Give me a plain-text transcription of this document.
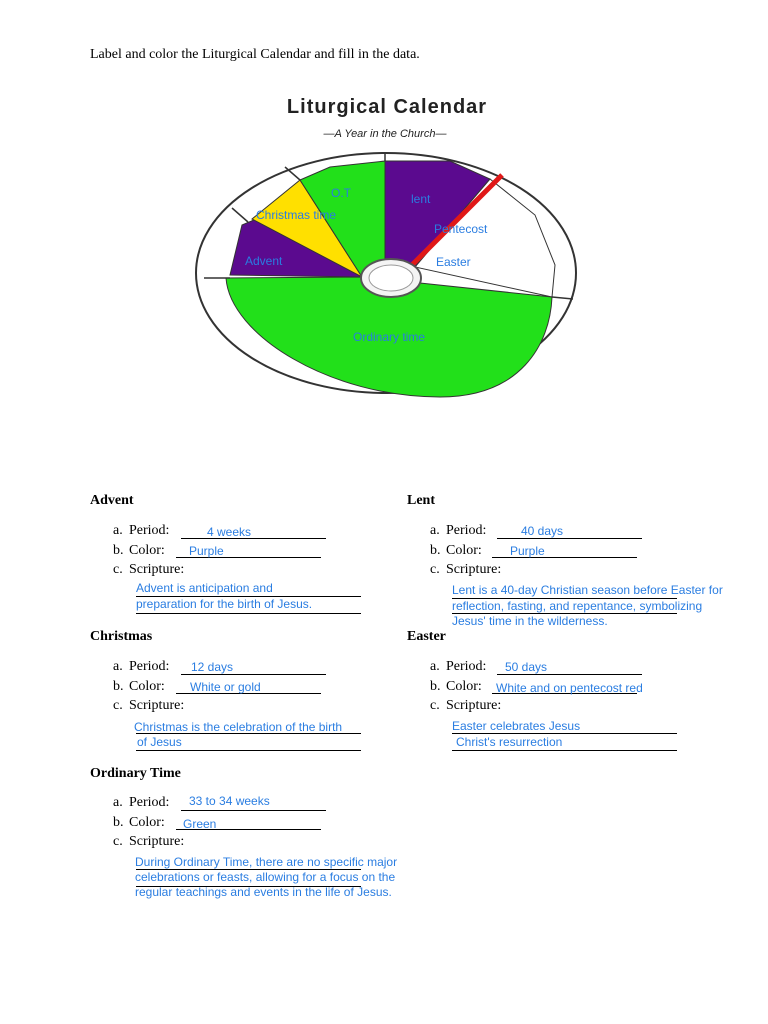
Label and color the Liturgical Calendar and fill in the data.
Liturgical Calendar
—A Year in the Church—
O.T	lent
Christmas time
Pentecost
Advent	Easter
Ordinary time
Advent
a. Period:	4 weeks
b. Color: Purple
c. Scripture:
Advent is anticipation and
preparation for the birth of Jesus.
Lent
a. Period:	40 days
b. Color: Purple
c. Scripture:
Lent is a 40-day Christian season before Easter for
reflection, fasting, and repentance, symbolizing
Jesus' time in the wilderness.
Christmas
a. Period: 12 days
b. Color: White or gold
c. Scripture:
Christmas is the celebration of the birth
of Jesus
Easter
a. Period: 50 days
b. Color: White and on pentecost red
c. Scripture:
Easter celebrates Jesus
Christ's resurrection
Ordinary Time
a. Period: 33 to 34 weeks
b. Color: Green
c. Scripture:
During Ordinary Time, there are no specific major
celebrations or feasts, allowing for a focus on the
regular teachings and events in the life of Jesus.
